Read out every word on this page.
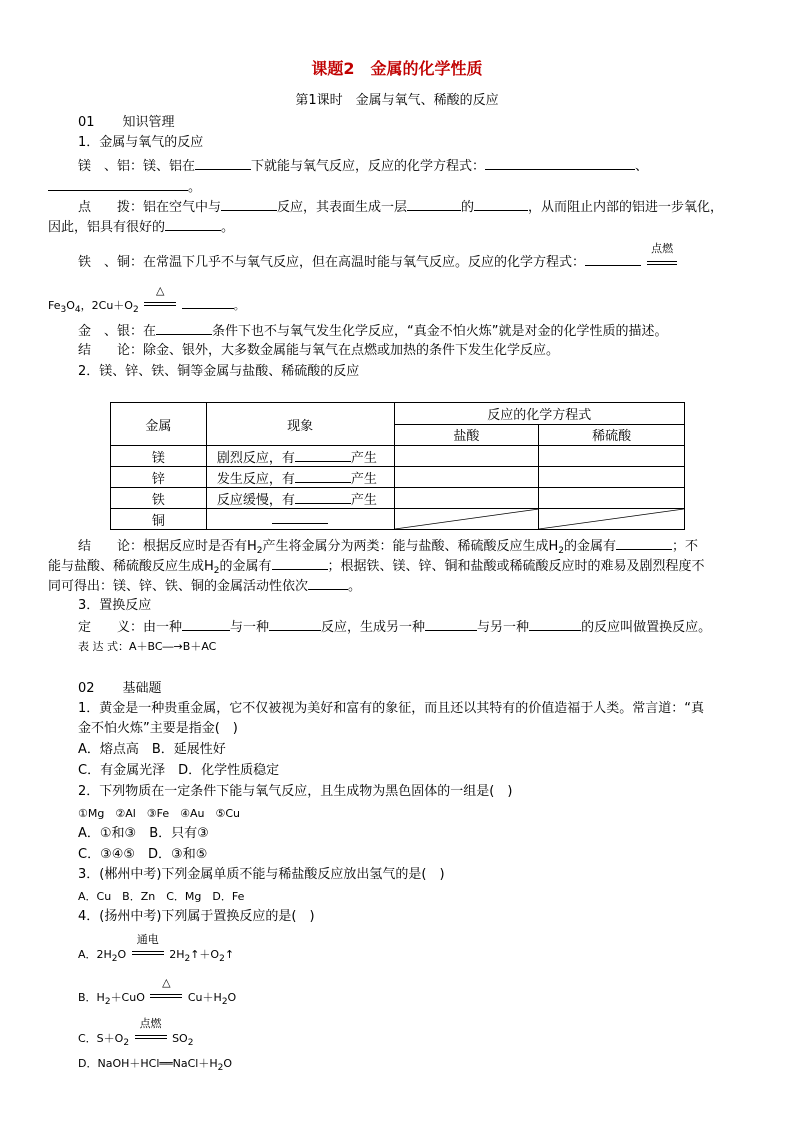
课题2　金属的化学性质
第1课时　金属与氧气、稀酸的反应
01 知识管理
1．金属与氧气的反应
镁　、铝：镁、铝在	下就能与氧气反应，反应的化学方程式：	、
。
点　　拨：铝在空气中与	反应，其表面生成一层	的	，从而阻止内部的铝进一步氧化，
因此，铝具有很好的	。
铁　、铜：在常温下几乎不与氧气反应，但在高温时能与氧气反应。反应的化学方程式：
点燃
$Fe_3O_4$，$2Cu+O_2$
△
。
金　、银：在	条件下也不与氧气发生化学反应，“真金不怕火炼”就是对金的化学性质的描述。
结　　论：除金、银外，大多数金属能与氧气在点燃或加热的条件下发生化学反应。
2．镁、锌、铁、铜等金属与盐酸、稀硫酸的反应
金属	现象	反应的化学方程式	
		盐酸	稀硫酸
镁	剧烈反应，有 产生		
锌	发生反应，有 产生		
铁	反应缓慢，有 产生		
铜		

结　　论：根据反应时是否有$H_2$产生将金属分为两类：能与盐酸、稀硫酸反应生成$H_2$的金属有	；不
能与盐酸、稀硫酸反应生成$H_2$的金属有	；根据铁、镁、锌、铜和盐酸或稀硫酸反应时的难易及剧烈程度不
同可得出：镁、锌、铁、铜的金属活动性依次	。
3．置换反应
定　　义：由一种	与一种	反应，生成另一种	与另一种	的反应叫做置换反应。
表 达 式：A＋BC―→B＋AC
02 基础题
1．黄金是一种贵重金属，它不仅被视为美好和富有的象征，而且还以其特有的价值造福于人类。常言道：“真
金不怕火炼”主要是指金(　)
A．熔点高　B．延展性好
C．有金属光泽　D．化学性质稳定
2．下列物质在一定条件下能与氧气反应，且生成物为黑色固体的一组是(　)
①Mg　②Al　③Fe　④Au　⑤Cu
A．①和③　B．只有③
C．③④⑤　D．③和⑤
3．(郴州中考)下列金属单质不能与稀盐酸反应放出氢气的是(　)
A．Cu　B．Zn　C．Mg　D．Fe
4．(扬州中考)下列属于置换反应的是(　)
A．$2H_2O$
通电
$2H_2↑+O_2↑$
B．$H_2+CuO$
△
$Cu+H_2O$
C．$S+O_2$
点燃
$SO_2$
D．$NaOH+HCl══NaCl+H_2O$
